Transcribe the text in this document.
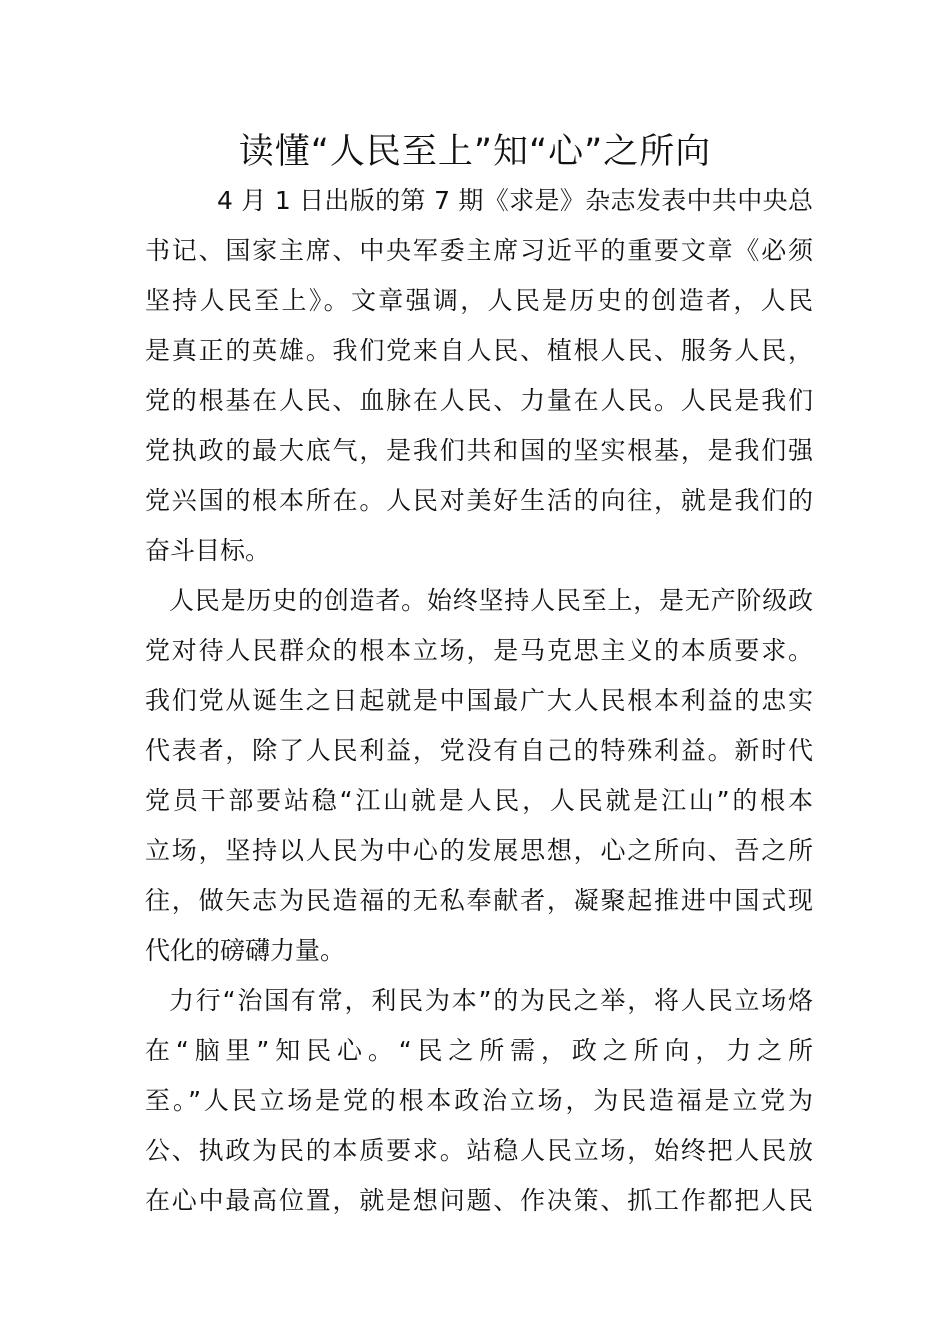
读懂“人民至上”知“心”之所向
4 月 1 日出版的第 7 期《求是》杂志发表中共中央总
书记、国家主席、中央军委主席习近平的重要文章《必须
坚持人民至上》。文章强调，人民是历史的创造者，人民
是真正的英雄。我们党来自人民、植根人民、服务人民，
党的根基在人民、血脉在人民、力量在人民。人民是我们
党执政的最大底气，是我们共和国的坚实根基，是我们强
党兴国的根本所在。人民对美好生活的向往，就是我们的
奋斗目标。
人民是历史的创造者。始终坚持人民至上，是无产阶级政
党对待人民群众的根本立场，是马克思主义的本质要求。
我们党从诞生之日起就是中国最广大人民根本利益的忠实
代表者，除了人民利益，党没有自己的特殊利益。新时代
党员干部要站稳“江山就是人民，人民就是江山”的根本
立场，坚持以人民为中心的发展思想，心之所向、吾之所
往，做矢志为民造福的无私奉献者，凝聚起推进中国式现
代化的磅礴力量。
力行“治国有常，利民为本”的为民之举，将人民立场烙
在“脑里”知民心。“民之所需，政之所向，力之所
至。”人民立场是党的根本政治立场，为民造福是立党为
公、执政为民的本质要求。站稳人民立场，始终把人民放
在心中最高位置，就是想问题、作决策、抓工作都把人民
